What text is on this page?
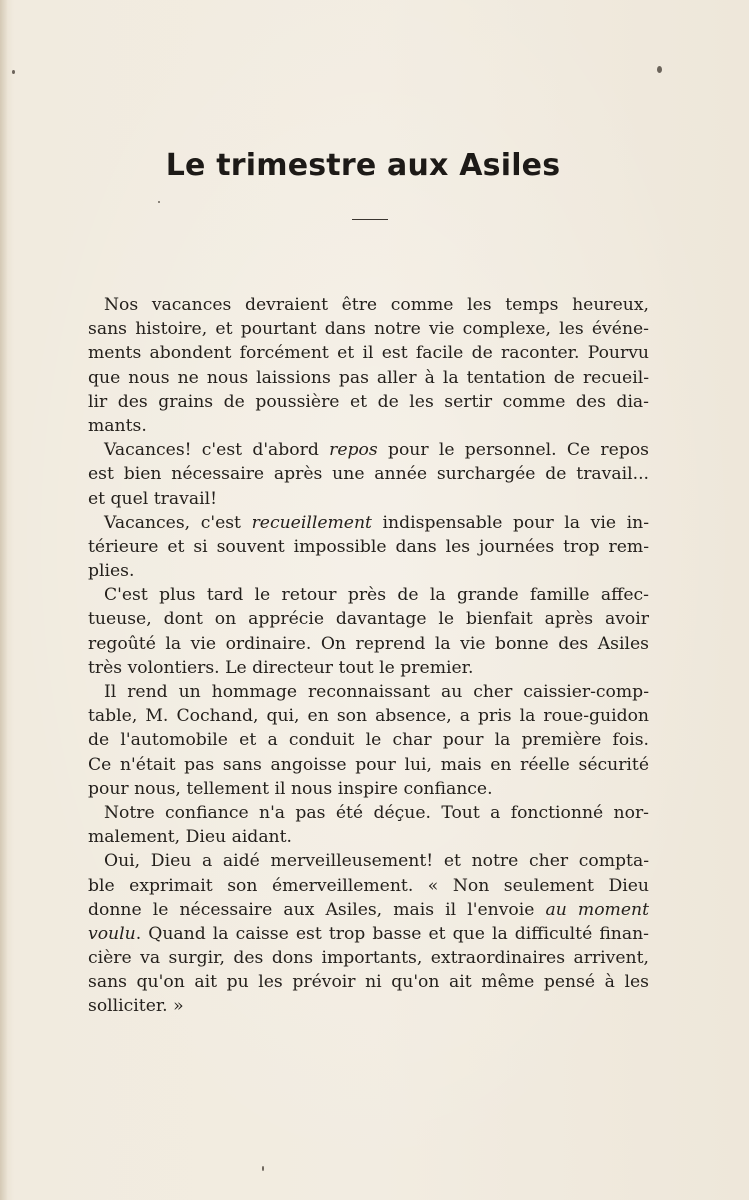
Le trimestre aux Asiles
Nos vacances devraient être comme les temps heureux,
sans histoire, et pourtant dans notre vie complexe, les événe-
ments abondent forcément et il est facile de raconter. Pourvu
que nous ne nous laissions pas aller à la tentation de recueil-
lir des grains de poussière et de les sertir comme des dia-
mants.
Vacances! c'est d'abord repos pour le personnel. Ce repos
est bien nécessaire après une année surchargée de travail...
et quel travail!
Vacances, c'est recueillement indispensable pour la vie in-
térieure et si souvent impossible dans les journées trop rem-
plies.
C'est plus tard le retour près de la grande famille affec-
tueuse, dont on apprécie davantage le bienfait après avoir
regoûté la vie ordinaire. On reprend la vie bonne des Asiles
très volontiers. Le directeur tout le premier.
Il rend un hommage reconnaissant au cher caissier-comp-
table, M. Cochand, qui, en son absence, a pris la roue-guidon
de l'automobile et a conduit le char pour la première fois.
Ce n'était pas sans angoisse pour lui, mais en réelle sécurité
pour nous, tellement il nous inspire confiance.
Notre confiance n'a pas été déçue. Tout a fonctionné nor-
malement, Dieu aidant.
Oui, Dieu a aidé merveilleusement! et notre cher compta-
ble exprimait son émerveillement. « Non seulement Dieu
donne le nécessaire aux Asiles, mais il l'envoie au moment
voulu. Quand la caisse est trop basse et que la difficulté finan-
cière va surgir, des dons importants, extraordinaires arrivent,
sans qu'on ait pu les prévoir ni qu'on ait même pensé à les
solliciter. »
